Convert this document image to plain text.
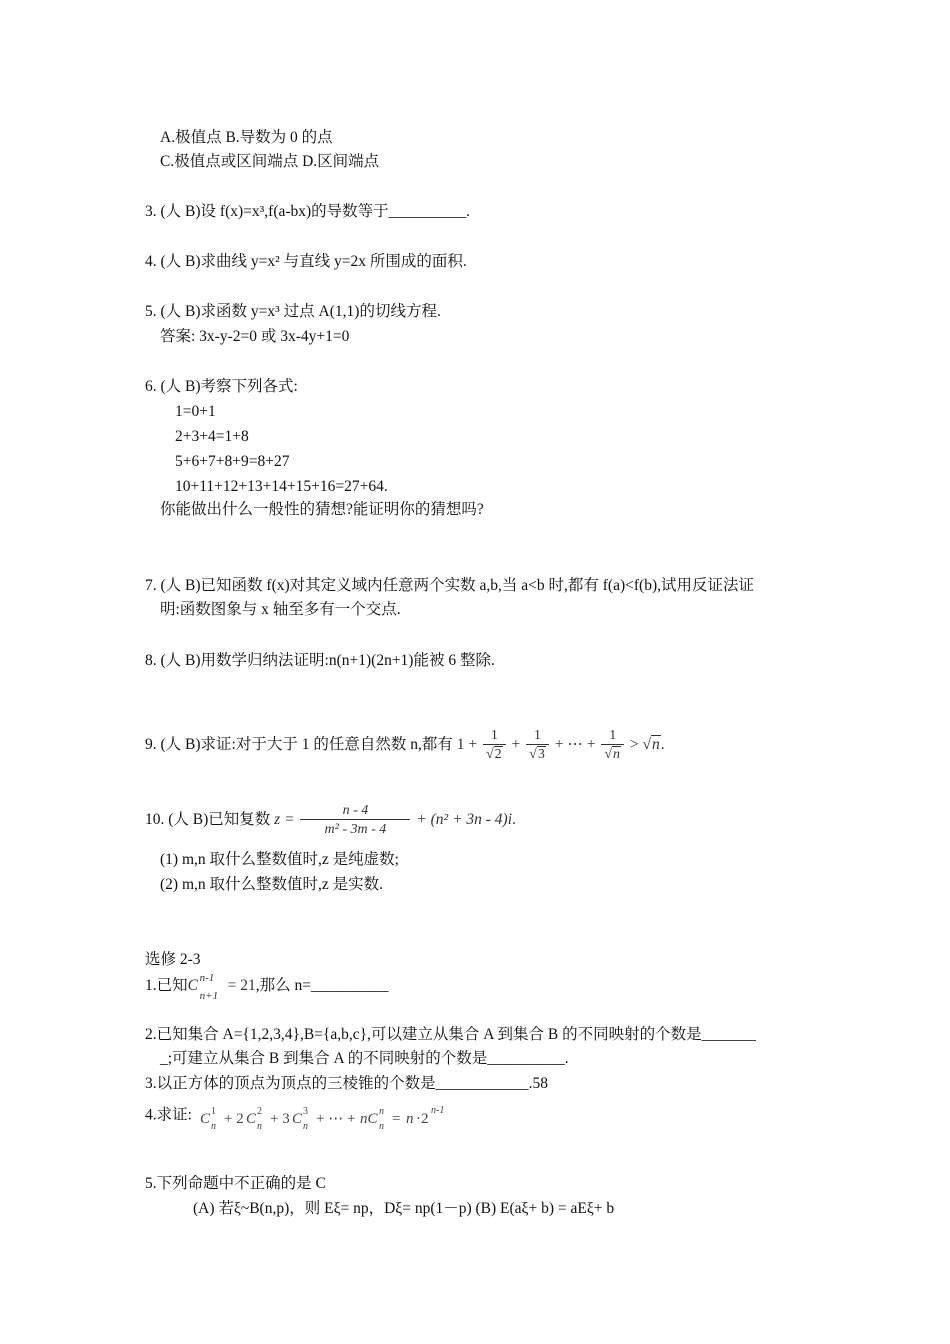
A.极值点 B.导数为 0 的点
C.极值点或区间端点 D.区间端点
3. (人 B)设 f(x)=x³,f(a-bx)的导数等于__________.
4. (人 B)求曲线 y=x² 与直线 y=2x 所围成的面积.
5. (人 B)求函数 y=x³ 过点 A(1,1)的切线方程.
答案: 3x-y-2=0 或 3x-4y+1=0
6. (人 B)考察下列各式:
1=0+1
2+3+4=1+8
5+6+7+8+9=8+27
10+11+12+13+14+15+16=27+64.
你能做出什么一般性的猜想?能证明你的猜想吗?
7. (人 B)已知函数 f(x)对其定义域内任意两个实数 a,b,当 a<b 时,都有 f(a)<f(b),试用反证法证
明:函数图象与 x 轴至多有一个交点.
8. (人 B)用数学归纳法证明:n(n+1)(2n+1)能被 6 整除.
9. (人 B)求证:对于大于 1 的任意自然数 n,都有 $1 + \frac{1}{√2} + \frac{1}{√3}$ + ⋯ + $\frac{1}{√n} > √n$.
10. (人 B)已知复数 $z = \frac{n - 4}{\text{m² - 3m - 4}} + (n^2 + 3n - 4)i$.
(1) m,n 取什么整数值时,z 是纯虚数;
(2) m,n 取什么整数值时,z 是实数.
选修 2-3
1.已知C n-1
n+1
= 21,那么 n=__________
2.已知集合 A={1,2,3,4},B={a,b,c},可以建立从集合 A 到集合 B 的不同映射的个数是_______
_;可建立从集合 B 到集合 A 的不同映射的个数是__________.
3.以正方体的顶点为顶点的三棱锥的个数是____________.58
4.求证: C 1
n + 2 C 2
n + 3 C 3
n + ⋯ + nC n
n = n ·2
n-1
5.下列命题中不正确的是 C
(A) 若ξ~B(n,p)，则 Eξ= np，Dξ= np(1－p) (B) E(aξ+ b) = aEξ+ b
